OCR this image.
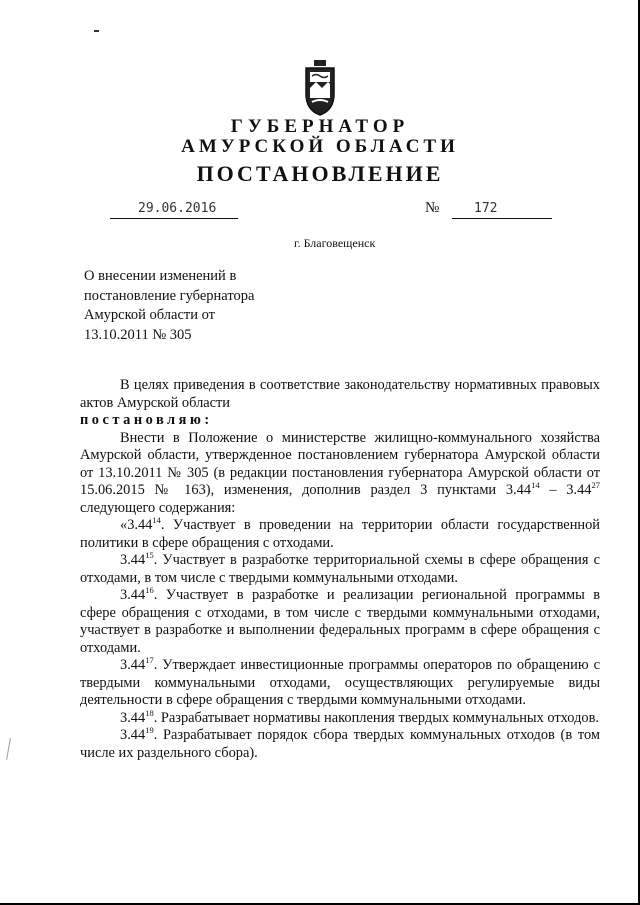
ГУБЕРНАТОР
АМУРСКОЙ ОБЛАСТИ
ПОСТАНОВЛЕНИЕ
29.06.2016	№	172
г. Благовещенск
О внесении изменений в
постановление губернатора
Амурской области от
13.10.2011 № 305

В целях приведения в соответствие законодательству нормативных правовых актов Амурской области

постановляю:

Внести в Положение о министерстве жилищно-коммунального хозяйства Амурской области, утвержденное постановлением губернатора Амурской области от 13.10.2011 № 305 (в редакции постановления губернатора Амурской области от 15.06.2015 № 163), изменения, дополнив раздел 3 пунктами 3.44$^{14}$ – 3.44$^{27}$ следующего содержания:

«3.44$^{14}$. Участвует в проведении на территории области государственной политики в сфере обращения с отходами.

3.44$^{15}$. Участвует в разработке территориальной схемы в сфере обращения с отходами, в том числе с твердыми коммунальными отходами.

3.44$^{16}$. Участвует в разработке и реализации региональной программы в сфере обращения с отходами, в том числе с твердыми коммунальными отходами, участвует в разработке и выполнении федеральных программ в сфере обращения с отходами.

3.44$^{17}$. Утверждает инвестиционные программы операторов по обращению с твердыми коммунальными отходами, осуществляющих регулируемые виды деятельности в сфере обращения с твердыми коммунальными отходами.

3.44$^{18}$. Разрабатывает нормативы накопления твердых коммунальных отходов.

3.44$^{19}$. Разрабатывает порядок сбора твердых коммунальных отходов (в том числе их раздельного сбора).
